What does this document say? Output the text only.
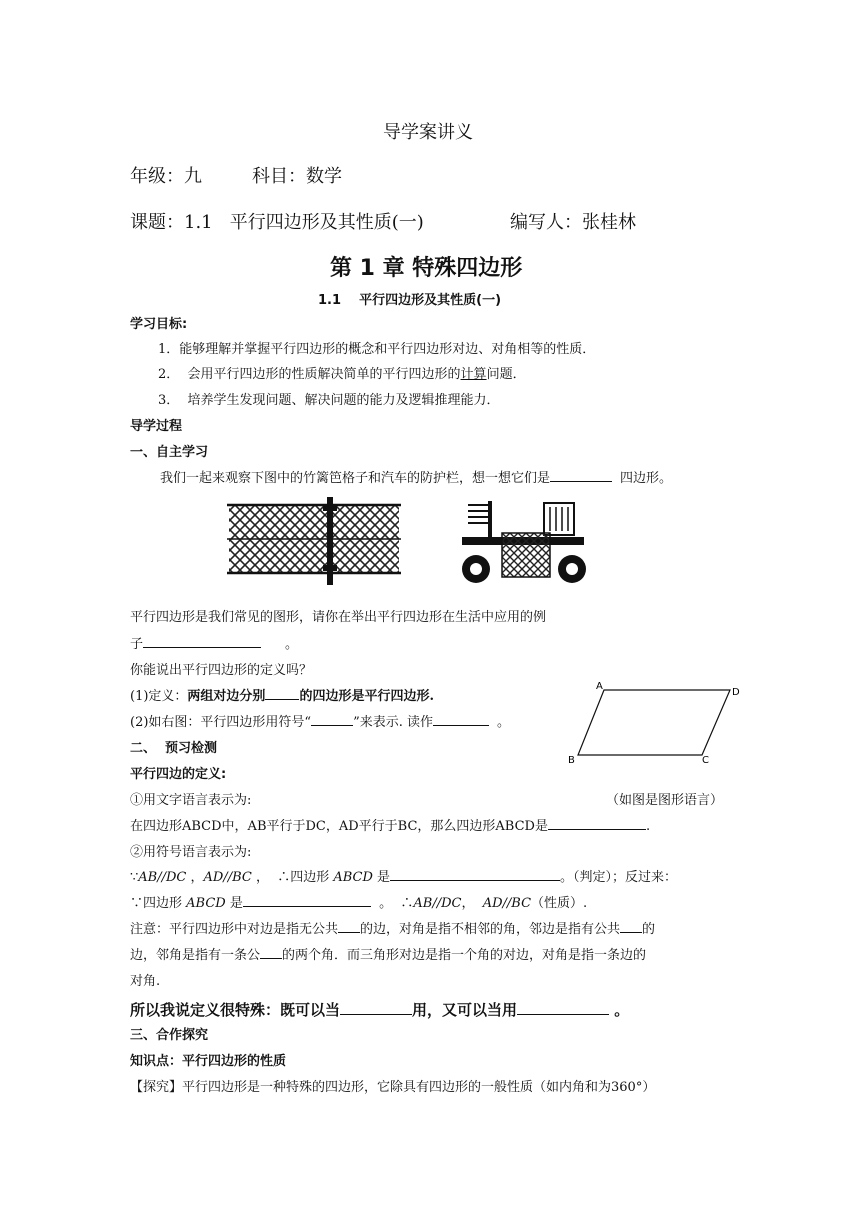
导学案讲义
年级：九	科目：数学
课题：1.1   平行四边形及其性质(一)	编写人：张桂林
第 1 章 特殊四边形
1.1    平行四边形及其性质(一)
学习目标:
1．能够理解并掌握平行四边形的概念和平行四边形对边、对角相等的性质．
2．  会用平行四边形的性质解决简单的平行四边形的计算问题．
3．  培养学生发现问题、解决问题的能力及逻辑推理能力．
导学过程
一、自主学习
我们一起来观察下图中的竹篱笆格子和汽车的防护栏，想一想它们是	四边形。
平行四边形是我们常见的图形，请你在举出平行四边形在生活中应用的例
子	。
你能说出平行四边形的定义吗？
(1)定义：两组对边分别	的四边形是平行四边形.
(2)如右图：平行四边形用符号“	”来表示. 读作	。
A
D
B	C
二、  预习检测
平行四边的定义:
①用文字语言表示为:	（如图是图形语言）
在四边形ABCD中，AB平行于DC，AD平行于BC，那么四边形ABCD是	.
②用符号语言表示为:
∵AB//DC ，AD//BC ，  ∴四边形 ABCD 是	。（判定）；反过来：
∵四边形 ABCD 是	。  ∴AB//DC，  AD//BC（性质）.
注意：平行四边形中对边是指无公共 的边，对角是指不相邻的角，邻边是指有公共 的
边，邻角是指有一条公 的两个角．而三角形对边是指一个角的对边，对角是指一条边的
对角.
所以我说定义很特殊：既可以当	用，又可以当用	。
三、合作探究
知识点：平行四边形的性质
【探究】平行四边形是一种特殊的四边形，它除具有四边形的一般性质（如内角和为360°）
